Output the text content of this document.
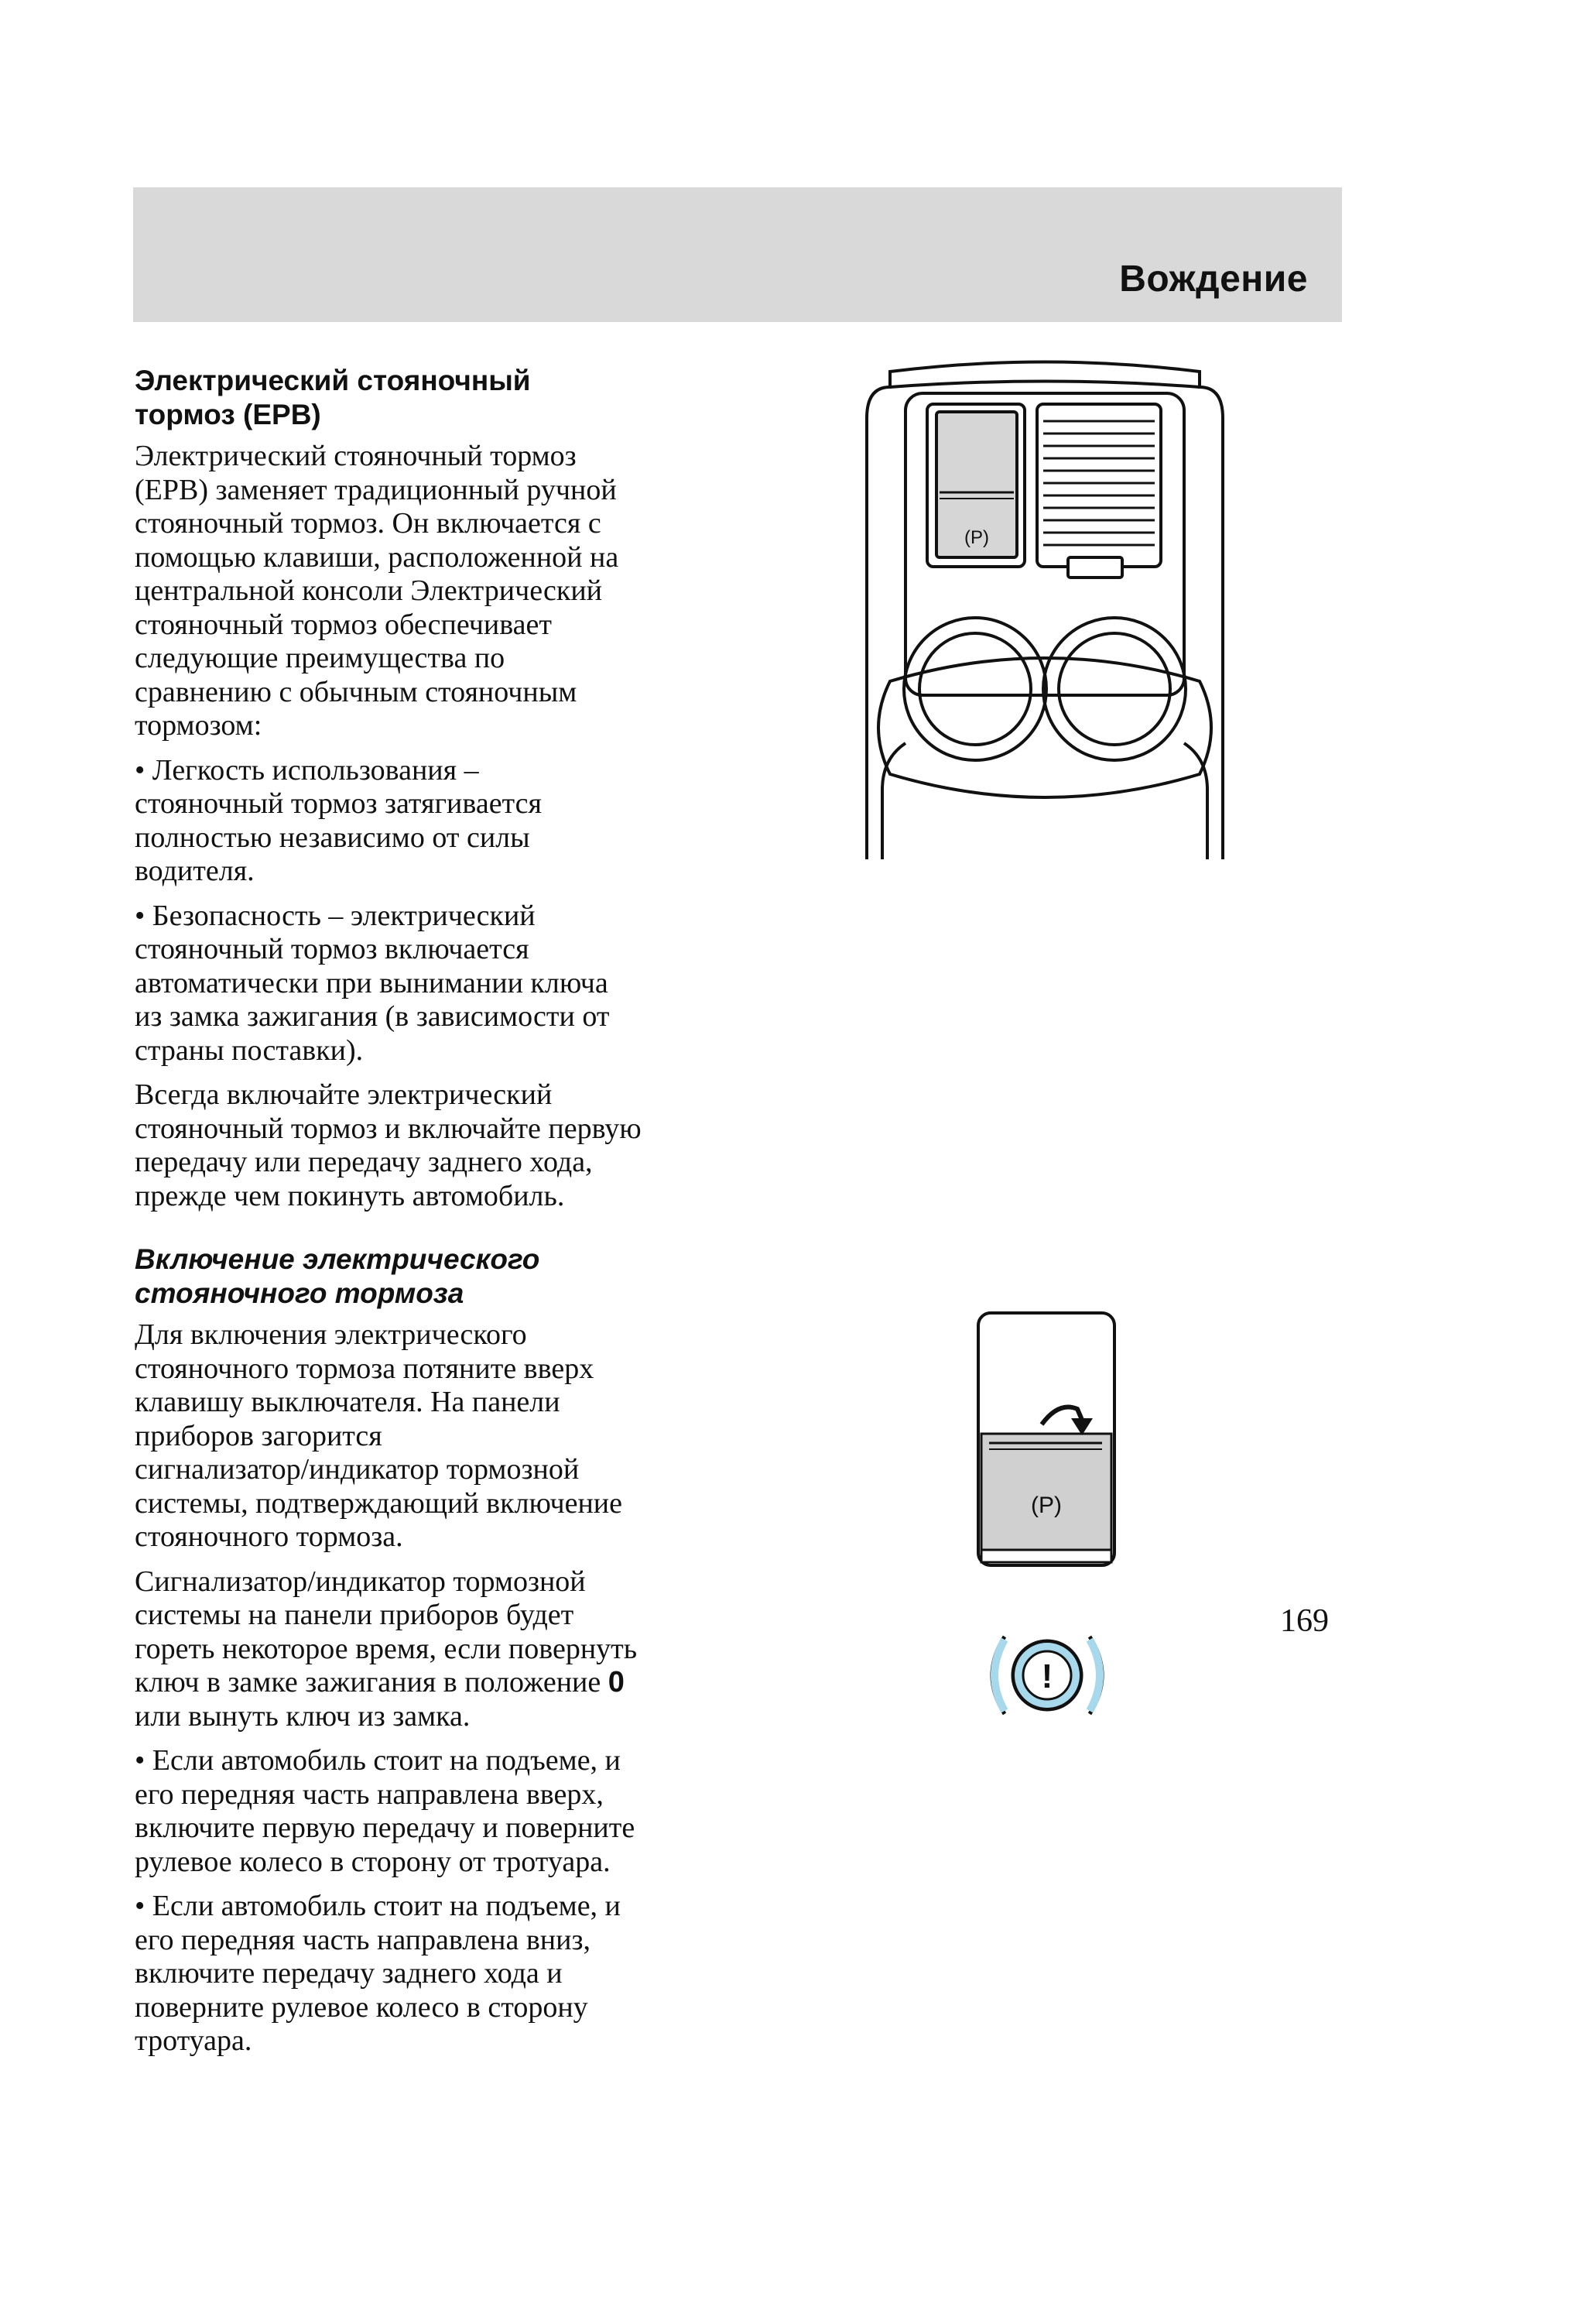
Вождение
Электрический стояночный
тормоз (EPB)

Электрический стояночный тормоз
(EPB) заменяет традиционный ручной
стояночный тормоз. Он включается с
помощью клавиши, расположенной на
центральной консоли Электрический
стояночный тормоз обеспечивает
следующие преимущества по
сравнению с обычным стояночным
тормозом:

• Легкость использования –
стояночный тормоз затягивается
полностью независимо от силы
водителя.

• Безопасность – электрический
стояночный тормоз включается
автоматически при вынимании ключа
из замка зажигания (в зависимости от
страны поставки).

Всегда включайте электрический
стояночный тормоз и включайте первую
передачу или передачу заднего хода,
прежде чем покинуть автомобиль.

Включение электрического
стояночного тормоза

Для включения электрического
стояночного тормоза потяните вверх
клавишу выключателя. На панели
приборов загорится
сигнализатор/индикатор тормозной
системы, подтверждающий включение
стояночного тормоза.

Сигнализатор/индикатор тормозной
системы на панели приборов будет
гореть некоторое время, если повернуть
ключ в замке зажигания в положение 0
или вынуть ключ из замка.

• Если автомобиль стоит на подъеме, и
его передняя часть направлена вверх,
включите первую передачу и поверните
рулевое колесо в сторону от тротуара.

• Если автомобиль стоит на подъеме, и
его передняя часть направлена вниз,
включите передачу заднего хода и
поверните рулевое колесо в сторону
тротуара.

(P)
(P)
!
169
